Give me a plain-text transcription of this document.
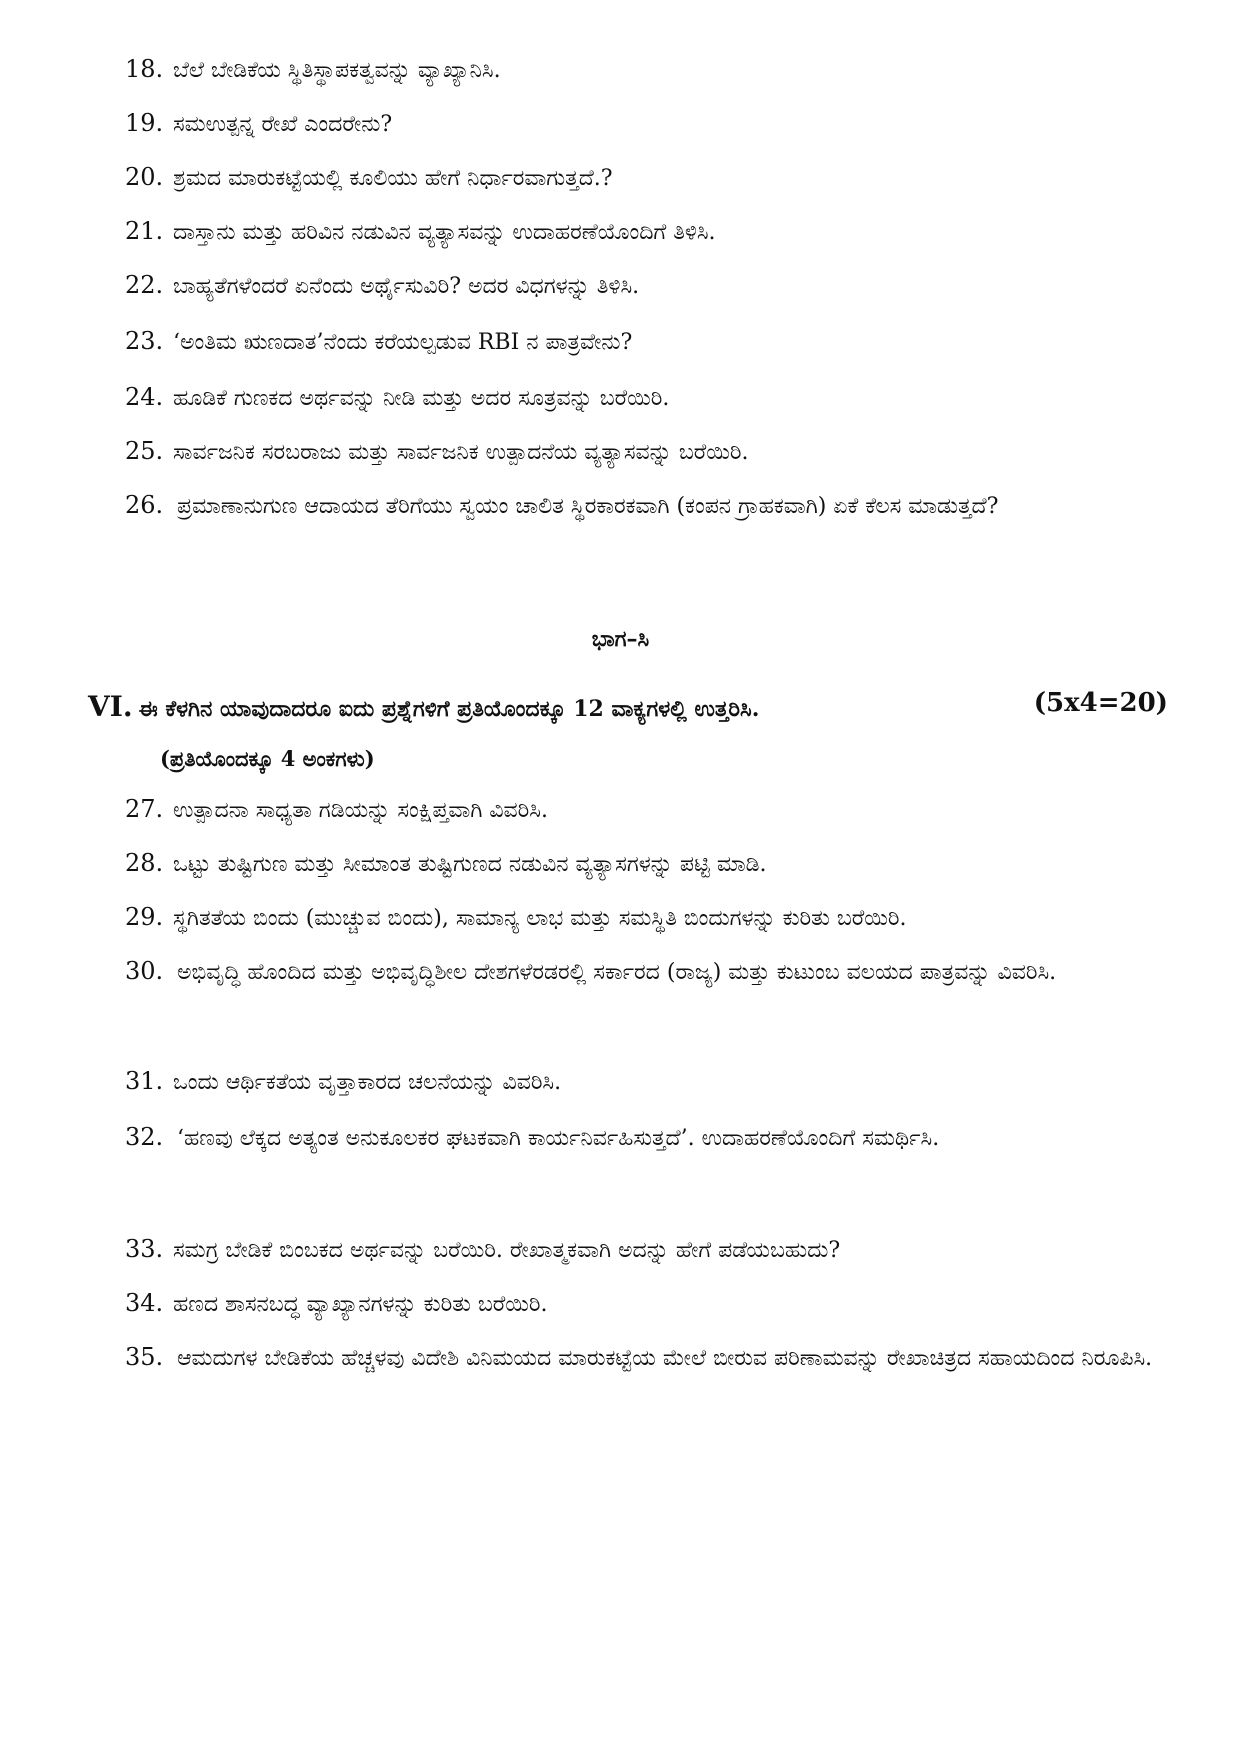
18. ಬೆಲೆ ಬೇಡಿಕೆಯ ಸ್ಥಿತಿಸ್ಥಾಪಕತ್ವವನ್ನು ವ್ಯಾಖ್ಯಾನಿಸಿ.
19. ಸಮಉತ್ಪನ್ನ ರೇಖೆ ಎಂದರೇನು?
20. ಶ್ರಮದ ಮಾರುಕಟ್ಟೆಯಲ್ಲಿ ಕೂಲಿಯು ಹೇಗೆ ನಿರ್ಧಾರವಾಗುತ್ತದೆ.?
21. ದಾಸ್ತಾನು ಮತ್ತು ಹರಿವಿನ ನಡುವಿನ ವ್ಯತ್ಯಾಸವನ್ನು ಉದಾಹರಣೆಯೊಂದಿಗೆ ತಿಳಿಸಿ.
22. ಬಾಹ್ಯತೆಗಳೆಂದರೆ ಏನೆಂದು ಅರ್ಥೈಸುವಿರಿ? ಅದರ ವಿಧಗಳನ್ನು ತಿಳಿಸಿ.
23. ‘ಅಂತಿಮ ಋಣದಾತ’ನೆಂದು ಕರೆಯಲ್ಪಡುವ RBI ನ ಪಾತ್ರವೇನು?
24. ಹೂಡಿಕೆ ಗುಣಕದ ಅರ್ಥವನ್ನು ನೀಡಿ ಮತ್ತು ಅದರ ಸೂತ್ರವನ್ನು ಬರೆಯಿರಿ.
25. ಸಾರ್ವಜನಿಕ ಸರಬರಾಜು ಮತ್ತು ಸಾರ್ವಜನಿಕ ಉತ್ಪಾದನೆಯ ವ್ಯತ್ಯಾಸವನ್ನು ಬರೆಯಿರಿ.
26. ಪ್ರಮಾಣಾನುಗುಣ ಆದಾಯದ ತೆರಿಗೆಯು ಸ್ವಯಂ ಚಾಲಿತ ಸ್ಥಿರಕಾರಕವಾಗಿ (ಕಂಪನ ಗ್ರಾಹಕವಾಗಿ) ಏಕೆ ಕೆಲಸ ಮಾಡುತ್ತದೆ?
ಭಾಗ–ಸಿ
VI. ಈ ಕೆಳಗಿನ ಯಾವುದಾದರೂ ಐದು ಪ್ರಶ್ನೆಗಳಿಗೆ ಪ್ರತಿಯೊಂದಕ್ಕೂ 12 ವಾಕ್ಯಗಳಲ್ಲಿ ಉತ್ತರಿಸಿ.	(5x4=20)
(ಪ್ರತಿಯೊಂದಕ್ಕೂ 4 ಅಂಕಗಳು)
27. ಉತ್ಪಾದನಾ ಸಾಧ್ಯತಾ ಗಡಿಯನ್ನು ಸಂಕ್ಷಿಪ್ತವಾಗಿ ವಿವರಿಸಿ.
28. ಒಟ್ಟು ತುಷ್ಟಿಗುಣ ಮತ್ತು ಸೀಮಾಂತ ತುಷ್ಟಿಗುಣದ ನಡುವಿನ ವ್ಯತ್ಯಾಸಗಳನ್ನು ಪಟ್ಟಿ ಮಾಡಿ.
29. ಸ್ಥಗಿತತೆಯ ಬಿಂದು (ಮುಚ್ಚುವ ಬಿಂದು), ಸಾಮಾನ್ಯ ಲಾಭ ಮತ್ತು ಸಮಸ್ಥಿತಿ ಬಿಂದುಗಳನ್ನು ಕುರಿತು ಬರೆಯಿರಿ.
30. ಅಭಿವೃದ್ಧಿ ಹೊಂದಿದ ಮತ್ತು ಅಭಿವೃದ್ಧಿಶೀಲ ದೇಶಗಳೆರಡರಲ್ಲಿ ಸರ್ಕಾರದ (ರಾಜ್ಯ) ಮತ್ತು ಕುಟುಂಬ ವಲಯದ ಪಾತ್ರವನ್ನು ವಿವರಿಸಿ.
31. ಒಂದು ಆರ್ಥಿಕತೆಯ ವೃತ್ತಾಕಾರದ ಚಲನೆಯನ್ನು ವಿವರಿಸಿ.
32. ‘ಹಣವು ಲೆಕ್ಕದ ಅತ್ಯಂತ ಅನುಕೂಲಕರ ಘಟಕವಾಗಿ ಕಾರ್ಯನಿರ್ವಹಿಸುತ್ತದೆ’. ಉದಾಹರಣೆಯೊಂದಿಗೆ ಸಮರ್ಥಿಸಿ.
33. ಸಮಗ್ರ ಬೇಡಿಕೆ ಬಿಂಬಕದ ಅರ್ಥವನ್ನು ಬರೆಯಿರಿ. ರೇಖಾತ್ಮಕವಾಗಿ ಅದನ್ನು ಹೇಗೆ ಪಡೆಯಬಹುದು?
34. ಹಣದ ಶಾಸನಬದ್ಧ ವ್ಯಾಖ್ಯಾನಗಳನ್ನು ಕುರಿತು ಬರೆಯಿರಿ.
35. ಆಮದುಗಳ ಬೇಡಿಕೆಯ ಹೆಚ್ಚಳವು ವಿದೇಶಿ ವಿನಿಮಯದ ಮಾರುಕಟ್ಟೆಯ ಮೇಲೆ ಬೀರುವ ಪರಿಣಾಮವನ್ನು ರೇಖಾಚಿತ್ರದ ಸಹಾಯದಿಂದ ನಿರೂಪಿಸಿ.
